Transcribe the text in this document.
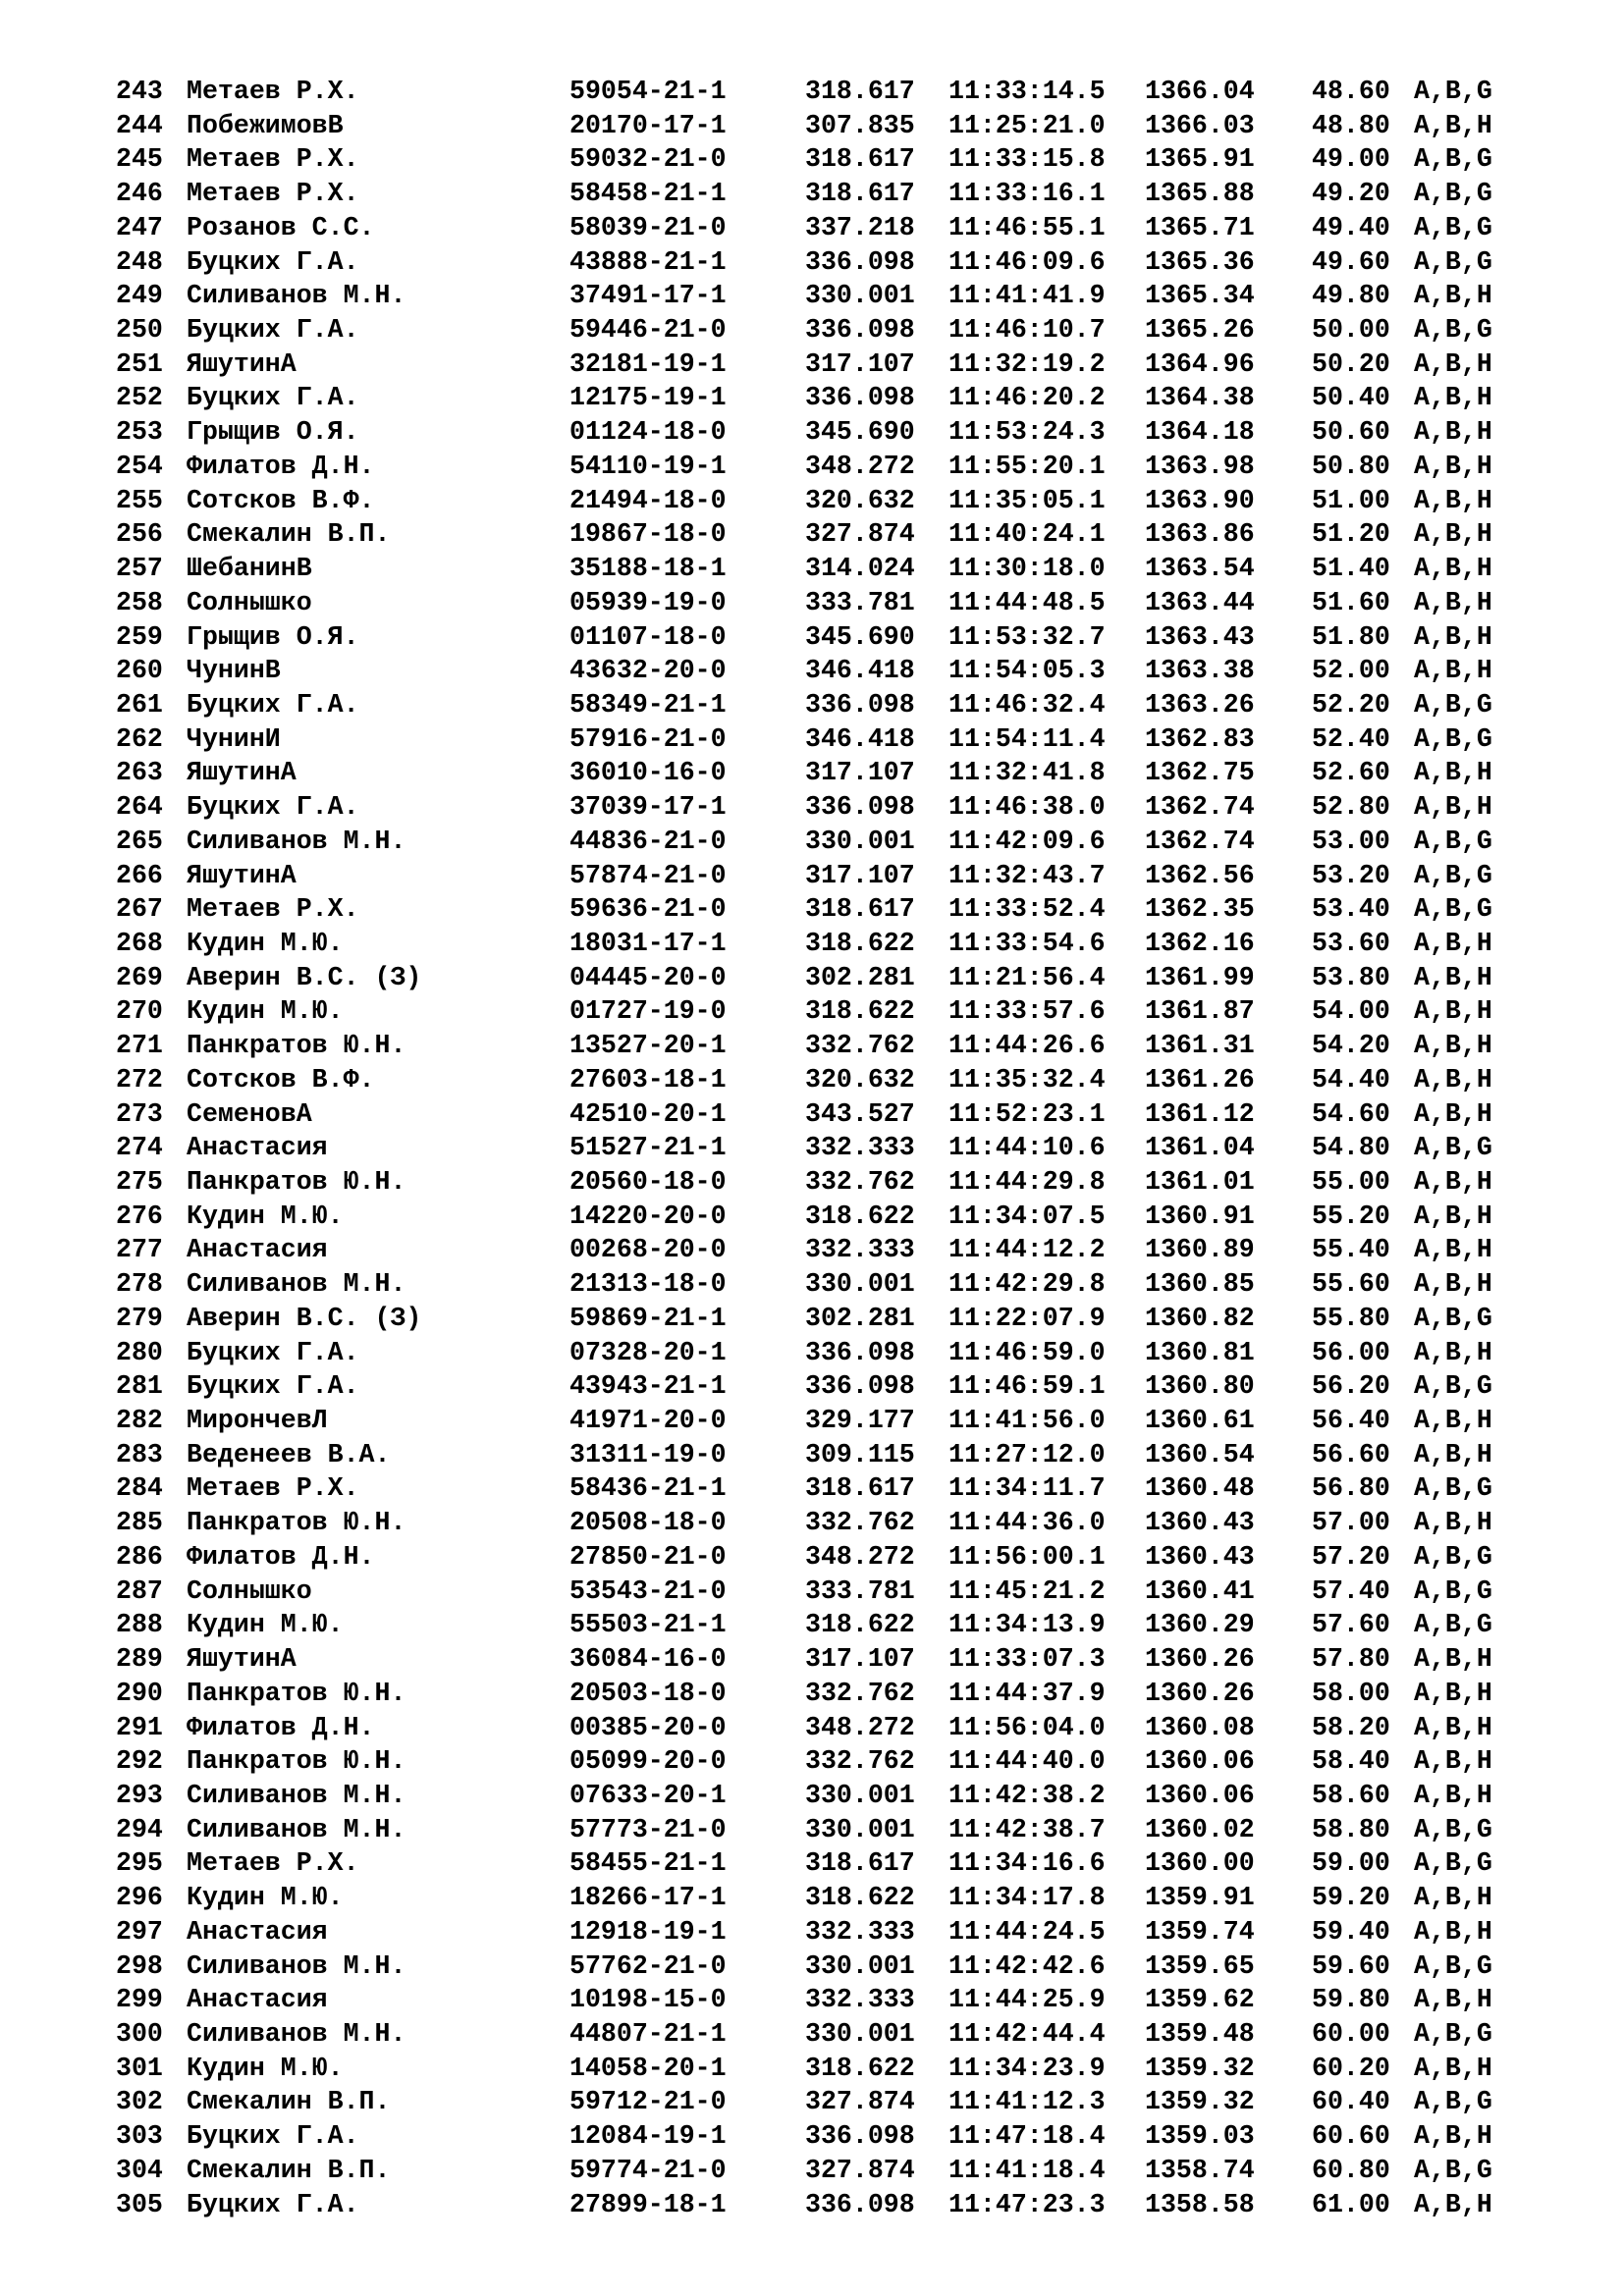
243 Метаев Р.Х.	59054-21-1	318.617 11:33:14.5 1366.04 48.60 A,B,G
244 ПобежимовВ	20170-17-1	307.835 11:25:21.0 1366.03 48.80 A,B,H
245 Метаев Р.Х.	59032-21-0	318.617 11:33:15.8 1365.91 49.00 A,B,G
246 Метаев Р.Х.	58458-21-1	318.617 11:33:16.1 1365.88 49.20 A,B,G
247 Розанов С.С.	58039-21-0	337.218 11:46:55.1 1365.71 49.40 A,B,G
248 Буцких Г.А.	43888-21-1	336.098 11:46:09.6 1365.36 49.60 A,B,G
249 Силиванов М.Н.	37491-17-1	330.001 11:41:41.9 1365.34 49.80 A,B,H
250 Буцких Г.А.	59446-21-0	336.098 11:46:10.7 1365.26 50.00 A,B,G
251 ЯшутинА	32181-19-1	317.107 11:32:19.2 1364.96 50.20 A,B,H
252 Буцких Г.А.	12175-19-1	336.098 11:46:20.2 1364.38 50.40 A,B,H
253 Грыщив О.Я.	01124-18-0	345.690 11:53:24.3 1364.18 50.60 A,B,H
254 Филатов Д.Н.	54110-19-1	348.272 11:55:20.1 1363.98 50.80 A,B,H
255 Сотсков В.Ф.	21494-18-0	320.632 11:35:05.1 1363.90 51.00 A,B,H
256 Смекалин В.П.	19867-18-0	327.874 11:40:24.1 1363.86 51.20 A,B,H
257 ШебанинВ	35188-18-1	314.024 11:30:18.0 1363.54 51.40 A,B,H
258 Солнышко	05939-19-0	333.781 11:44:48.5 1363.44 51.60 A,B,H
259 Грыщив О.Я.	01107-18-0	345.690 11:53:32.7 1363.43 51.80 A,B,H
260 ЧунинВ	43632-20-0	346.418 11:54:05.3 1363.38 52.00 A,B,H
261 Буцких Г.А.	58349-21-1	336.098 11:46:32.4 1363.26 52.20 A,B,G
262 ЧунинИ	57916-21-0	346.418 11:54:11.4 1362.83 52.40 A,B,G
263 ЯшутинА	36010-16-0	317.107 11:32:41.8 1362.75 52.60 A,B,H
264 Буцких Г.А.	37039-17-1	336.098 11:46:38.0 1362.74 52.80 A,B,H
265 Силиванов М.Н.	44836-21-0	330.001 11:42:09.6 1362.74 53.00 A,B,G
266 ЯшутинА	57874-21-0	317.107 11:32:43.7 1362.56 53.20 A,B,G
267 Метаев Р.Х.	59636-21-0	318.617 11:33:52.4 1362.35 53.40 A,B,G
268 Кудин М.Ю.	18031-17-1	318.622 11:33:54.6 1362.16 53.60 A,B,H
269 Аверин В.С. (З)	04445-20-0	302.281 11:21:56.4 1361.99 53.80 A,B,H
270 Кудин М.Ю.	01727-19-0	318.622 11:33:57.6 1361.87 54.00 A,B,H
271 Панкратов Ю.Н.	13527-20-1	332.762 11:44:26.6 1361.31 54.20 A,B,H
272 Сотсков В.Ф.	27603-18-1	320.632 11:35:32.4 1361.26 54.40 A,B,H
273 СеменовА	42510-20-1	343.527 11:52:23.1 1361.12 54.60 A,B,H
274 Анастасия	51527-21-1	332.333 11:44:10.6 1361.04 54.80 A,B,G
275 Панкратов Ю.Н.	20560-18-0	332.762 11:44:29.8 1361.01 55.00 A,B,H
276 Кудин М.Ю.	14220-20-0	318.622 11:34:07.5 1360.91 55.20 A,B,H
277 Анастасия	00268-20-0	332.333 11:44:12.2 1360.89 55.40 A,B,H
278 Силиванов М.Н.	21313-18-0	330.001 11:42:29.8 1360.85 55.60 A,B,H
279 Аверин В.С. (З)	59869-21-1	302.281 11:22:07.9 1360.82 55.80 A,B,G
280 Буцких Г.А.	07328-20-1	336.098 11:46:59.0 1360.81 56.00 A,B,H
281 Буцких Г.А.	43943-21-1	336.098 11:46:59.1 1360.80 56.20 A,B,G
282 МирончевЛ	41971-20-0	329.177 11:41:56.0 1360.61 56.40 A,B,H
283 Веденеев В.А.	31311-19-0	309.115 11:27:12.0 1360.54 56.60 A,B,H
284 Метаев Р.Х.	58436-21-1	318.617 11:34:11.7 1360.48 56.80 A,B,G
285 Панкратов Ю.Н.	20508-18-0	332.762 11:44:36.0 1360.43 57.00 A,B,H
286 Филатов Д.Н.	27850-21-0	348.272 11:56:00.1 1360.43 57.20 A,B,G
287 Солнышко	53543-21-0	333.781 11:45:21.2 1360.41 57.40 A,B,G
288 Кудин М.Ю.	55503-21-1	318.622 11:34:13.9 1360.29 57.60 A,B,G
289 ЯшутинА	36084-16-0	317.107 11:33:07.3 1360.26 57.80 A,B,H
290 Панкратов Ю.Н.	20503-18-0	332.762 11:44:37.9 1360.26 58.00 A,B,H
291 Филатов Д.Н.	00385-20-0	348.272 11:56:04.0 1360.08 58.20 A,B,H
292 Панкратов Ю.Н.	05099-20-0	332.762 11:44:40.0 1360.06 58.40 A,B,H
293 Силиванов М.Н.	07633-20-1	330.001 11:42:38.2 1360.06 58.60 A,B,H
294 Силиванов М.Н.	57773-21-0	330.001 11:42:38.7 1360.02 58.80 A,B,G
295 Метаев Р.Х.	58455-21-1	318.617 11:34:16.6 1360.00 59.00 A,B,G
296 Кудин М.Ю.	18266-17-1	318.622 11:34:17.8 1359.91 59.20 A,B,H
297 Анастасия	12918-19-1	332.333 11:44:24.5 1359.74 59.40 A,B,H
298 Силиванов М.Н.	57762-21-0	330.001 11:42:42.6 1359.65 59.60 A,B,G
299 Анастасия	10198-15-0	332.333 11:44:25.9 1359.62 59.80 A,B,H
300 Силиванов М.Н.	44807-21-1	330.001 11:42:44.4 1359.48 60.00 A,B,G
301 Кудин М.Ю.	14058-20-1	318.622 11:34:23.9 1359.32 60.20 A,B,H
302 Смекалин В.П.	59712-21-0	327.874 11:41:12.3 1359.32 60.40 A,B,G
303 Буцких Г.А.	12084-19-1	336.098 11:47:18.4 1359.03 60.60 A,B,H
304 Смекалин В.П.	59774-21-0	327.874 11:41:18.4 1358.74 60.80 A,B,G
305 Буцких Г.А.	27899-18-1	336.098 11:47:23.3 1358.58 61.00 A,B,H
